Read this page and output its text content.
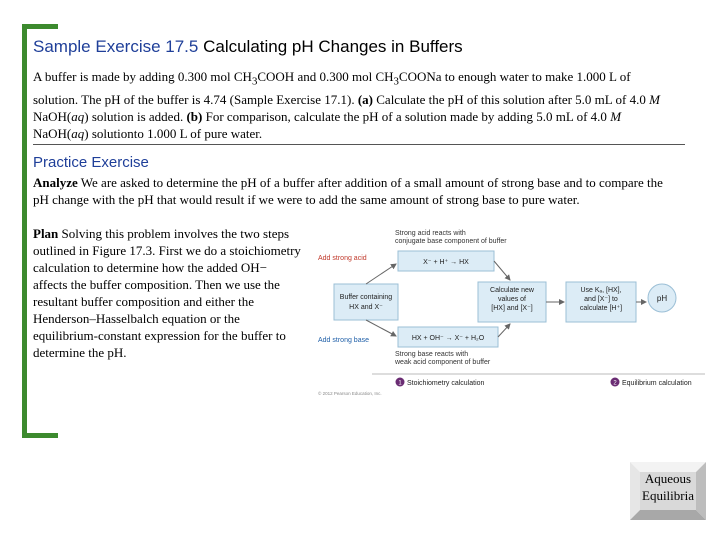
Sample Exercise 17.5 Calculating pH Changes in Buffers
A buffer is made by adding 0.300 mol $CH_3COOH$ and 0.300 mol $CH_3COONa$ to enough water to make 1.000 L of solution. The pH of the buffer is 4.74 (Sample Exercise 17.1). (a) Calculate the pH of this solution after 5.0 mL of 4.0 M NaOH(aq) solution is added. (b) For comparison, calculate the pH of a solution made by adding 5.0 mL of 4.0 M NaOH(aq) solutionto 1.000 L of pure water.
Practice Exercise
Analyze We are asked to determine the pH of a buffer after addition of a small amount of strong base and to compare the pH change with the pH that would result if we were to add the same amount of strong base to pure water.
Plan Solving this problem involves the two steps outlined in Figure 17.3. First we do a stoichiometry calculation to determine how the added OH− affects the buffer composition. Then we use the resultant buffer composition and either the Henderson–Hasselbalch equation or the equilibrium-constant expression for the buffer to determine the pH.
Strong acid reacts with
conjugate base component of buffer
Add strong acid
X⁻ + H⁺ → HX
Buffer containing
HX and X⁻
Calculate new
values of
[HX] and [X⁻]
Use Kₐ, [HX],
and [X⁻] to
calculate [H⁺]
pH
HX + OH⁻ → X⁻ + H₂O
Add strong base
Strong base reacts with
weak acid component of buffer
1 Stoichiometry calculation	2 Equilibrium calculation
© 2012 Pearson Education, Inc.
Aqueous
Equilibria
